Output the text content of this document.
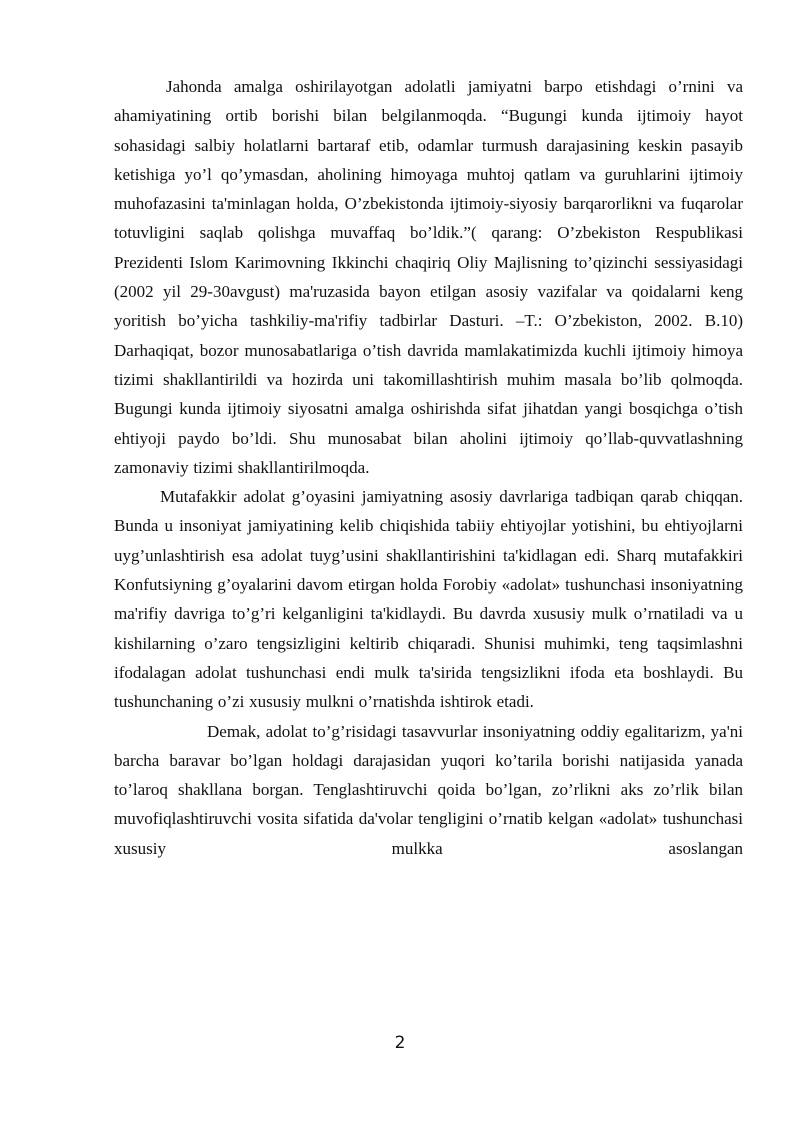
Jahonda amalga oshirilayotgan adolatli jamiyatni barpo etishdagi o’rnini va ahamiyatining ortib borishi bilan belgilanmoqda. “Bugungi kunda ijtimoiy hayot sohasidagi salbiy holatlarni bartaraf etib, odamlar turmush darajasining keskin pasayib ketishiga yo’l qo’ymasdan, aholining himoyaga muhtoj qatlam va guruhlarini ijtimoiy muhofazasini ta'minlagan holda, O’zbekistonda ijtimoiy-siyosiy barqarorlikni va fuqarolar totuvligini saqlab qolishga muvaffaq bo’ldik.”( qarang: O’zbekiston Respublikasi Prezidenti Islom Karimovning Ikkinchi chaqiriq Oliy Majlisning to’qizinchi sessiyasidagi (2002 yil 29-30avgust) ma'ruzasida bayon etilgan asosiy vazifalar va qoidalarni keng yoritish bo’yicha tashkiliy-ma'rifiy tadbirlar Dasturi. –T.: O’zbekiston, 2002. B.10) Darhaqiqat, bozor munosabatlariga o’tish davrida mamlakatimizda kuchli ijtimoiy himoya tizimi shakllantirildi va hozirda uni takomillashtirish muhim masala bo’lib qolmoqda. Bugungi kunda ijtimoiy siyosatni amalga oshirishda sifat jihatdan yangi bosqichga o’tish ehtiyoji paydo bo’ldi. Shu munosabat bilan aholini ijtimoiy qo’llab-quvvatlashning zamonaviy tizimi shakllantirilmoqda.

Mutafakkir adolat g’oyasini jamiyatning asosiy davrlariga tadbiqan qarab chiqqan. Bunda u insoniyat jamiyatining kelib chiqishida tabiiy ehtiyojlar yotishini, bu ehtiyojlarni uyg’unlashtirish esa adolat tuyg’usini shakllantirishini ta'kidlagan edi. Sharq mutafakkiri Konfutsiyning g’oyalarini davom etirgan holda Forobiy «adolat» tushunchasi insoniyatning ma'rifiy davriga to’g’ri kelganligini ta'kidlaydi. Bu davrda xususiy mulk o’rnatiladi va u kishilarning o’zaro tengsizligini keltirib chiqaradi. Shunisi muhimki, teng taqsimlashni ifodalagan adolat tushunchasi endi mulk ta'sirida tengsizlikni ifoda eta boshlaydi. Bu tushunchaning o’zi xususiy mulkni o’rnatishda ishtirok etadi.

Demak, adolat to’g’risidagi tasavvurlar insoniyatning oddiy egalitarizm, ya'ni barcha baravar bo’lgan holdagi darajasidan yuqori ko’tarila borishi natijasida yanada to’laroq shakllana borgan. Tenglashtiruvchi qoida bo’lgan, zo’rlikni aks zo’rlik bilan muvofiqlashtiruvchi vosita sifatida da'volar tengligini o’rnatib kelgan «adolat» tushunchasi xususiy mulkka asoslangan

2
